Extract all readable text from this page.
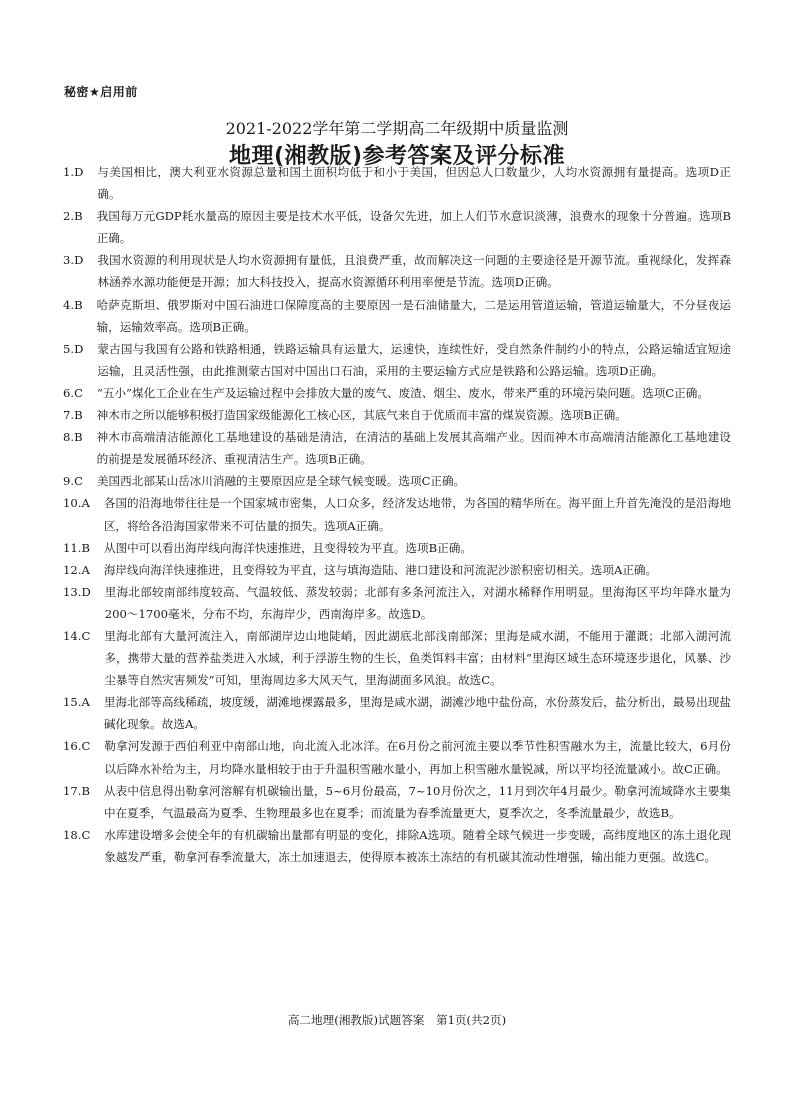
秘密★启用前
2021-2022学年第二学期高二年级期中质量监测
地理(湘教版)参考答案及评分标准
1.D	与美国相比，澳大利亚水资源总量和国土面积均低于和小于美国，但因总人口数量少，人均水资源拥有量提高。选项D正确。
2.B	我国每万元GDP耗水量高的原因主要是技术水平低，设备欠先进，加上人们节水意识淡薄，浪费水的现象十分普遍。选项B正确。
3.D	我国水资源的利用现状是人均水资源拥有量低，且浪费严重，故而解决这一问题的主要途径是开源节流。重视绿化，发挥森林涵养水源功能便是开源；加大科技投入，提高水资源循环利用率便是节流。选项D正确。
4.B	哈萨克斯坦、俄罗斯对中国石油进口保障度高的主要原因一是石油储量大，二是运用管道运输，管道运输量大，不分昼夜运输，运输效率高。选项B正确。
5.D	蒙古国与我国有公路和铁路相通，铁路运输具有运量大，运速快，连续性好，受自然条件制约小的特点，公路运输适宜短途运输，且灵活性强，由此推测蒙古国对中国出口石油，采用的主要运输方式应是铁路和公路运输。选项D正确。
6.C	“五小”煤化工企业在生产及运输过程中会排放大量的废气、废渣、烟尘、废水，带来严重的环境污染问题。选项C正确。
7.B	神木市之所以能够积极打造国家级能源化工核心区，其底气来自于优质而丰富的煤炭资源。选项B正确。
8.B	神木市高端清洁能源化工基地建设的基础是清洁，在清洁的基础上发展其高端产业。因而神木市高端清洁能源化工基地建设的前提是发展循环经济、重视清洁生产。选项B正确。
9.C	美国西北部某山岳冰川消融的主要原因应是全球气候变暖。选项C正确。
10.A	各国的沿海地带往往是一个国家城市密集，人口众多，经济发达地带，为各国的精华所在。海平面上升首先淹没的是沿海地区，将给各沿海国家带来不可估量的损失。选项A正确。
11.B	从图中可以看出海岸线向海洋快速推进，且变得较为平直。选项B正确。
12.A	海岸线向海洋快速推进，且变得较为平直，这与填海造陆、港口建设和河流泥沙淤积密切相关。选项A正确。
13.D	里海北部较南部纬度较高、气温较低、蒸发较弱；北部有多条河流注入，对湖水稀释作用明显。里海海区平均年降水量为200～1700毫米，分布不均，东海岸少，西南海岸多。故选D。
14.C	里海北部有大量河流注入，南部湖岸边山地陡峭，因此湖底北部浅南部深；里海是咸水湖，不能用于灌溉；北部入湖河流多，携带大量的营养盐类进入水域，利于浮游生物的生长，鱼类饵料丰富；由材料“里海区域生态环境逐步退化，风暴、沙尘暴等自然灾害频发”可知，里海周边多大风天气，里海湖面多风浪。故选C。
15.A	里海北部等高线稀疏，坡度缓，湖滩地裸露最多，里海是咸水湖，湖滩沙地中盐份高，水份蒸发后，盐分析出，最易出现盐碱化现象。故选A。
16.C	勒拿河发源于西伯利亚中南部山地，向北流入北冰洋。在6月份之前河流主要以季节性积雪融水为主，流量比较大，6月份以后降水补给为主，月均降水量相较于由于升温积雪融水量小，再加上积雪融水量锐减，所以平均径流量减小。故C正确。
17.B	从表中信息得出勒拿河溶解有机碳输出量，5~6月份最高，7~10月份次之，11月到次年4月最少。勒拿河流域降水主要集中在夏季，气温最高为夏季、生物理最多也在夏季；而流量为春季流量更大，夏季次之，冬季流量最少，故选B。
18.C	水库建设增多会使全年的有机碳输出量都有明显的变化，排除A选项。随着全球气候进一步变暖，高纬度地区的冻土退化现象越发严重，勒拿河春季流量大，冻土加速退去，使得原本被冻土冻结的有机碳其流动性增强，输出能力更强。故选C。
高二地理(湘教版)试题答案　第1页(共2页)
